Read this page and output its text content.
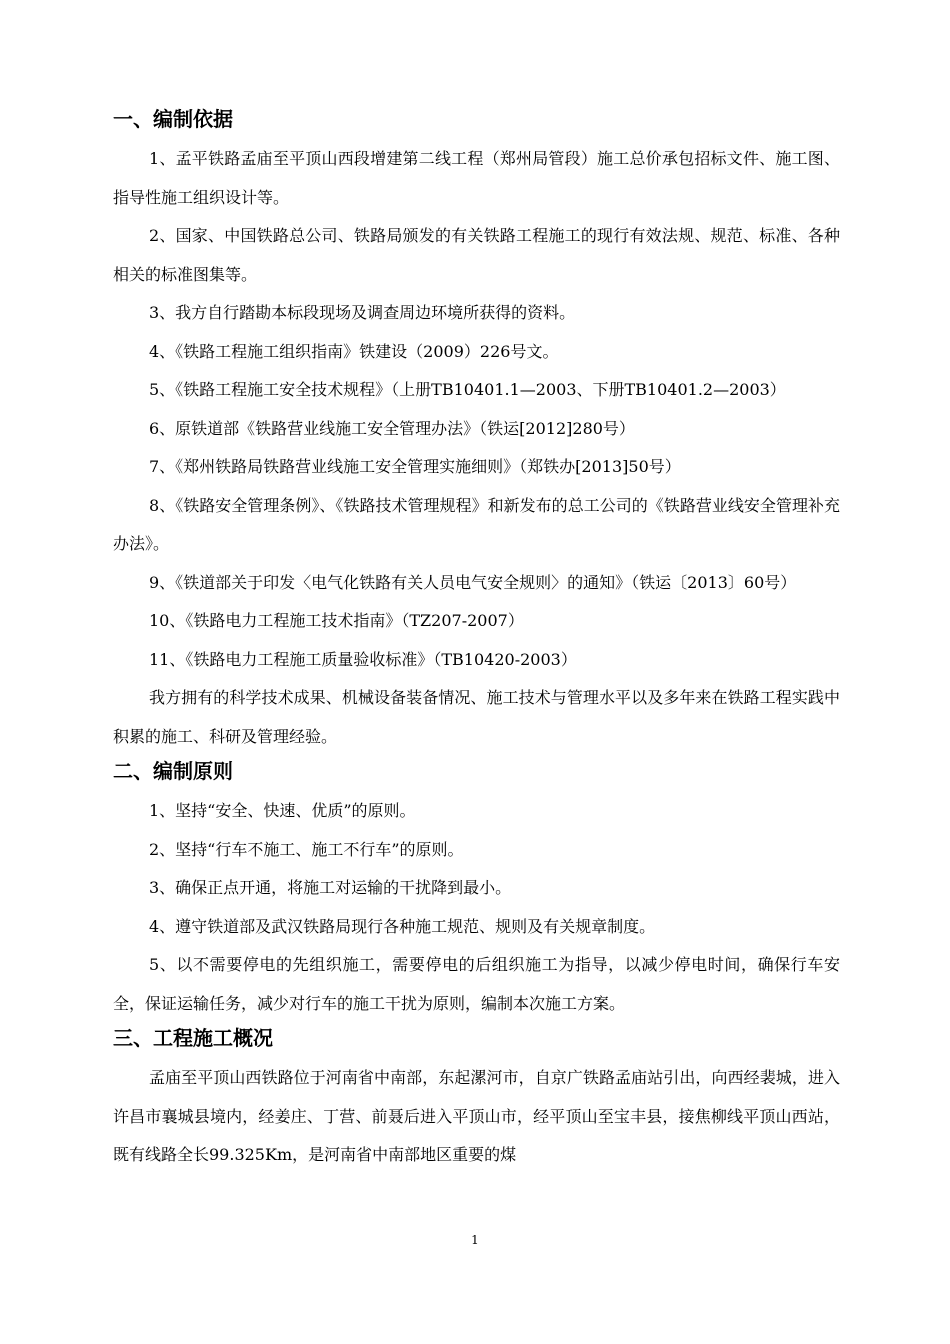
一、编制依据

1、孟平铁路孟庙至平顶山西段增建第二线工程（郑州局管段）施工总价承包招标文件、施工图、指导性施工组织设计等。

2、国家、中国铁路总公司、铁路局颁发的有关铁路工程施工的现行有效法规、规范、标准、各种相关的标准图集等。

3、我方自行踏勘本标段现场及调查周边环境所获得的资料。

4、《铁路工程施工组织指南》铁建设（2009）226号文。

5、《铁路工程施工安全技术规程》（上册TB10401.1—2003、下册TB10401.2—2003）

6、原铁道部《铁路营业线施工安全管理办法》（铁运[2012]280号）

7、《郑州铁路局铁路营业线施工安全管理实施细则》（郑铁办[2013]50号）

8、《铁路安全管理条例》、《铁路技术管理规程》和新发布的总工公司的《铁路营业线安全管理补充办法》。

9、《铁道部关于印发〈电气化铁路有关人员电气安全规则〉的通知》（铁运〔2013〕60号）

10、《铁路电力工程施工技术指南》（TZ207-2007）

11、《铁路电力工程施工质量验收标准》（TB10420-2003）

我方拥有的科学技术成果、机械设备装备情况、施工技术与管理水平以及多年来在铁路工程实践中积累的施工、科研及管理经验。

二、编制原则

1、坚持“安全、快速、优质”的原则。

2、坚持“行车不施工、施工不行车”的原则。

3、确保正点开通，将施工对运输的干扰降到最小。

4、遵守铁道部及武汉铁路局现行各种施工规范、规则及有关规章制度。

5、以不需要停电的先组织施工，需要停电的后组织施工为指导，以减少停电时间，确保行车安全，保证运输任务，减少对行车的施工干扰为原则，编制本次施工方案。

三、工程施工概况

孟庙至平顶山西铁路位于河南省中南部，东起漯河市，自京广铁路孟庙站引出，向西经裴城，进入许昌市襄城县境内，经姜庄、丁营、前聂后进入平顶山市，经平顶山至宝丰县，接焦柳线平顶山西站，既有线路全长99.325Km，是河南省中南部地区重要的煤

1
